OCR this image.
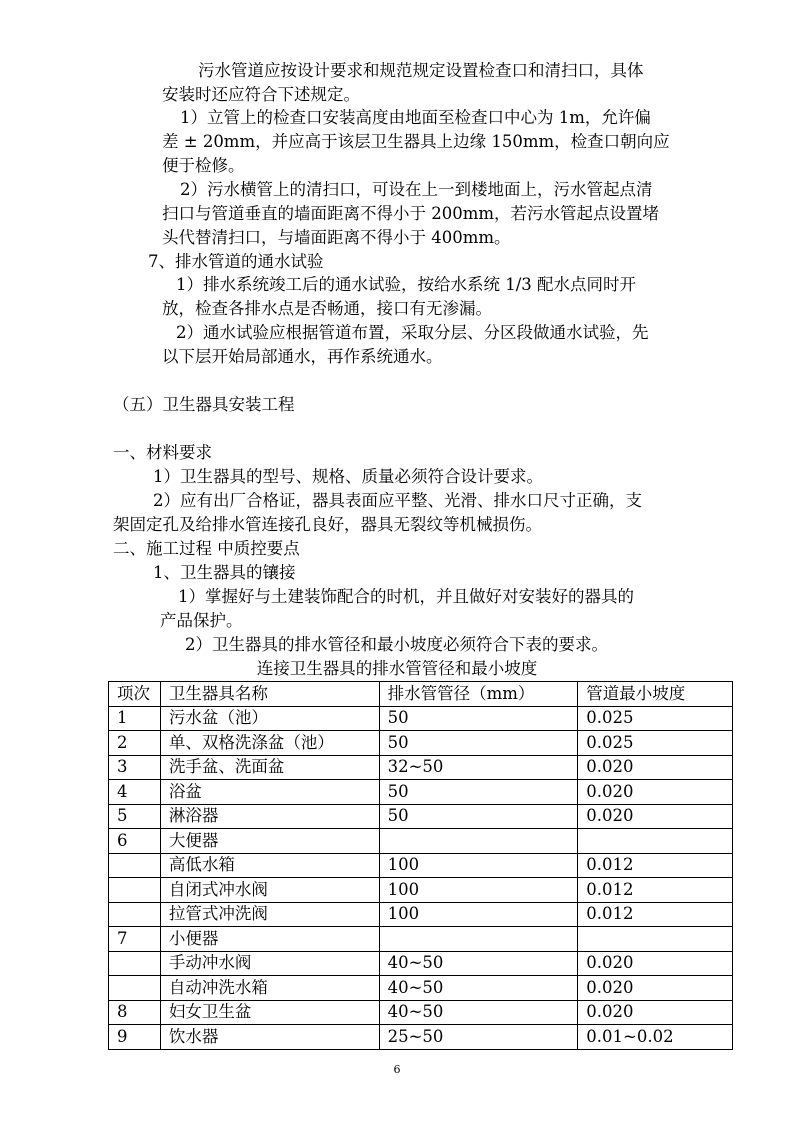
污水管道应按设计要求和规范规定设置检查口和清扫口，具体
安装时还应符合下述规定。
1）立管上的检查口安装高度由地面至检查口中心为 1m，允许偏
差 ± 20mm，并应高于该层卫生器具上边缘 150mm，检查口朝向应
便于检修。
2）污水横管上的清扫口，可设在上一到楼地面上，污水管起点清
扫口与管道垂直的墙面距离不得小于 200mm，若污水管起点设置堵
头代替清扫口，与墙面距离不得小于 400mm。
7、排水管道的通水试验
1）排水系统竣工后的通水试验，按给水系统 1/3 配水点同时开
放，检查各排水点是否畅通，接口有无渗漏。
2）通水试验应根据管道布置，采取分层、分区段做通水试验，先
以下层开始局部通水，再作系统通水。
（五）卫生器具安装工程
一、材料要求
1）卫生器具的型号、规格、质量必须符合设计要求。
2）应有出厂合格证，器具表面应平整、光滑、排水口尺寸正确，支
架固定孔及给排水管连接孔良好，器具无裂纹等机械损伤。
二、施工过程 中质控要点
1、卫生器具的镶接
1）掌握好与土建装饰配合的时机，并且做好对安装好的器具的
产品保护。
2）卫生器具的排水管径和最小坡度必须符合下表的要求。
连接卫生器具的排水管管径和最小坡度
项次	卫生器具名称	排水管管径（mm）	管道最小坡度
1	污水盆（池）	50	0.025
2	单、双格洗涤盆（池）	50	0.025
3	洗手盆、洗面盆	32~50	0.020
4	浴盆	50	0.020
5	淋浴器	50	0.020
6	大便器		
	高低水箱	100	0.012
	自闭式冲水阀	100	0.012
	拉管式冲洗阀	100	0.012
7	小便器		
	手动冲水阀	40~50	0.020
	自动冲洗水箱	40~50	0.020
8	妇女卫生盆	40~50	0.020
9	饮水器	25~50	0.01~0.02
6
